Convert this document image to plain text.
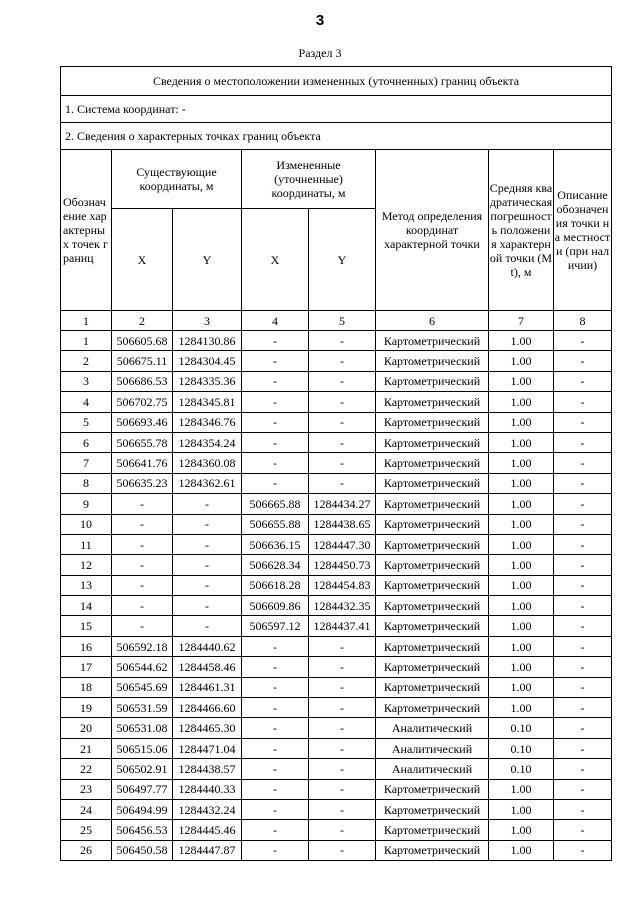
3
Раздел 3
Сведения о местоположении измененных (уточненных) границ объекта							
1. Система координат: -							
2. Сведения о характерных точках границ объекта							
Обозначение характерных точек границ	Существующие координаты, м		Измененные (уточненные) координаты, м		Метод определения координат характерной точки	Средняя квадратическая погрешность положения характерной точки (Mt), м	Описание обозначения точки на местности (при наличии)
	X	Y	X	Y			
1	2	3	4	5	6	7	8
1	506605.68	1284130.86	-	-	Картометрический	1.00	-
2	506675.11	1284304.45	-	-	Картометрический	1.00	-
3	506686.53	1284335.36	-	-	Картометрический	1.00	-
4	506702.75	1284345.81	-	-	Картометрический	1.00	-
5	506693.46	1284346.76	-	-	Картометрический	1.00	-
6	506655.78	1284354.24	-	-	Картометрический	1.00	-
7	506641.76	1284360.08	-	-	Картометрический	1.00	-
8	506635.23	1284362.61	-	-	Картометрический	1.00	-
9	-	-	506665.88	1284434.27	Картометрический	1.00	-
10	-	-	506655.88	1284438.65	Картометрический	1.00	-
11	-	-	506636.15	1284447.30	Картометрический	1.00	-
12	-	-	506628.34	1284450.73	Картометрический	1.00	-
13	-	-	506618.28	1284454.83	Картометрический	1.00	-
14	-	-	506609.86	1284432.35	Картометрический	1.00	-
15	-	-	506597.12	1284437.41	Картометрический	1.00	-
16	506592.18	1284440.62	-	-	Картометрический	1.00	-
17	506544.62	1284458.46	-	-	Картометрический	1.00	-
18	506545.69	1284461.31	-	-	Картометрический	1.00	-
19	506531.59	1284466.60	-	-	Картометрический	1.00	-
20	506531.08	1284465.30	-	-	Аналитический	0.10	-
21	506515.06	1284471.04	-	-	Аналитический	0.10	-
22	506502.91	1284438.57	-	-	Аналитический	0.10	-
23	506497.77	1284440.33	-	-	Картометрический	1.00	-
24	506494.99	1284432.24	-	-	Картометрический	1.00	-
25	506456.53	1284445.46	-	-	Картометрический	1.00	-
26	506450.58	1284447.87	-	-	Картометрический	1.00	-
